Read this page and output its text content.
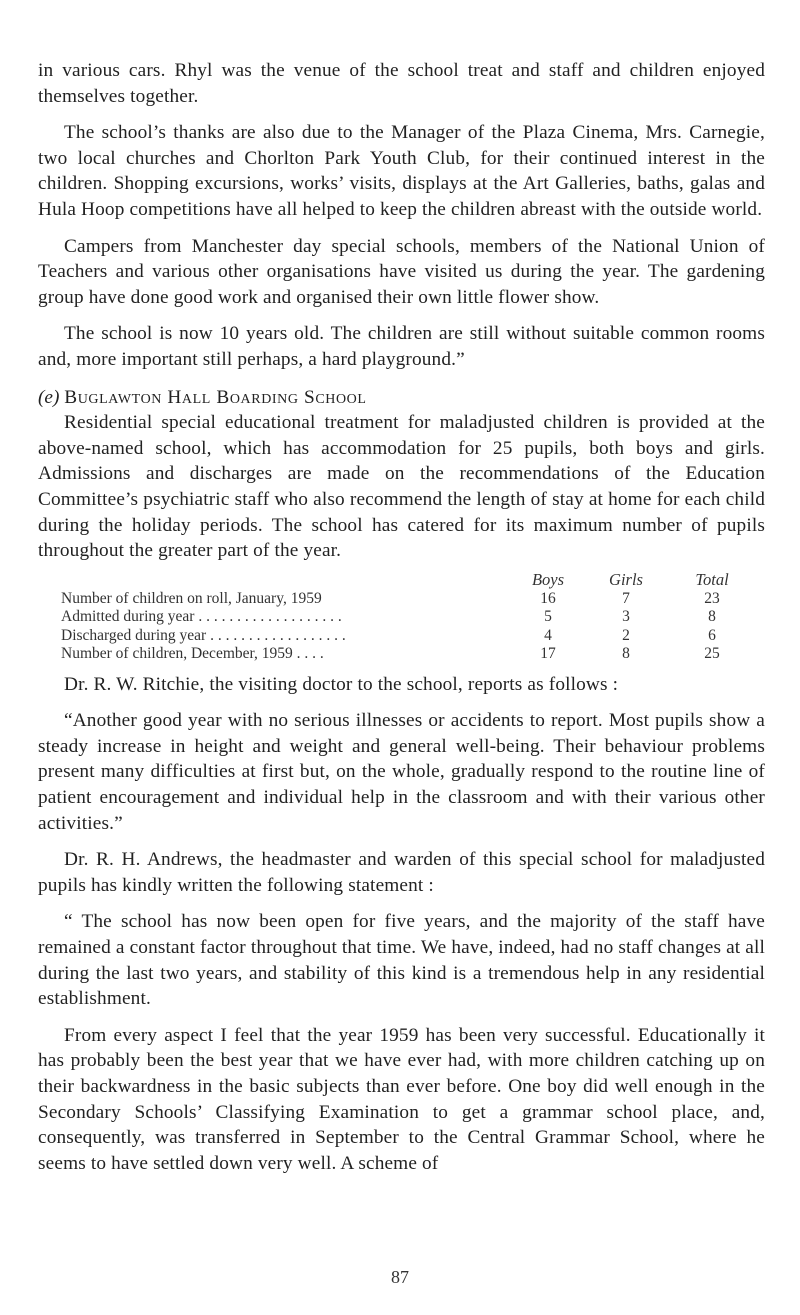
in various cars. Rhyl was the venue of the school treat and staff and children enjoyed themselves together.

The school’s thanks are also due to the Manager of the Plaza Cinema, Mrs. Carnegie, two local churches and Chorlton Park Youth Club, for their continued interest in the children. Shopping excursions, works’ visits, displays at the Art Galleries, baths, galas and Hula Hoop competitions have all helped to keep the children abreast with the outside world.

Campers from Manchester day special schools, members of the National Union of Teachers and various other organisations have visited us during the year. The gardening group have done good work and organised their own little flower show.

The school is now 10 years old. The children are still without suitable common rooms and, more important still perhaps, a hard playground.”

(e) Buglawton Hall Boarding School

Residential special educational treatment for maladjusted children is provided at the above-named school, which has accommodation for 25 pupils, both boys and girls. Admissions and discharges are made on the recommendations of the Education Committee’s psychiatric staff who also recommend the length of stay at home for each child during the holiday periods. The school has catered for its maximum number of pupils throughout the greater part of the year.

	Boys	Girls	Total
Number of children on roll, January, 1959	16	7	23
Admitted during year . . . . . . . . . . . . . . . . . . .	5	3	8
Discharged during year . . . . . . . . . . . . . . . . . .	4	2	6
Number of children, December, 1959 . . . .	17	8	25

Dr. R. W. Ritchie, the visiting doctor to the school, reports as follows :

“Another good year with no serious illnesses or accidents to report. Most pupils show a steady increase in height and weight and general well-being. Their behaviour problems present many difficulties at first but, on the whole, gradually respond to the routine line of patient encouragement and individual help in the classroom and with their various other activities.”

Dr. R. H. Andrews, the headmaster and warden of this special school for maladjusted pupils has kindly written the following statement :

“ The school has now been open for five years, and the majority of the staff have remained a constant factor throughout that time. We have, indeed, had no staff changes at all during the last two years, and stability of this kind is a tremendous help in any residential establishment.

From every aspect I feel that the year 1959 has been very successful. Educationally it has probably been the best year that we have ever had, with more children catching up on their backwardness in the basic subjects than ever before. One boy did well enough in the Secondary Schools’ Classifying Examination to get a grammar school place, and, consequently, was transferred in September to the Central Grammar School, where he seems to have settled down very well. A scheme of

87
